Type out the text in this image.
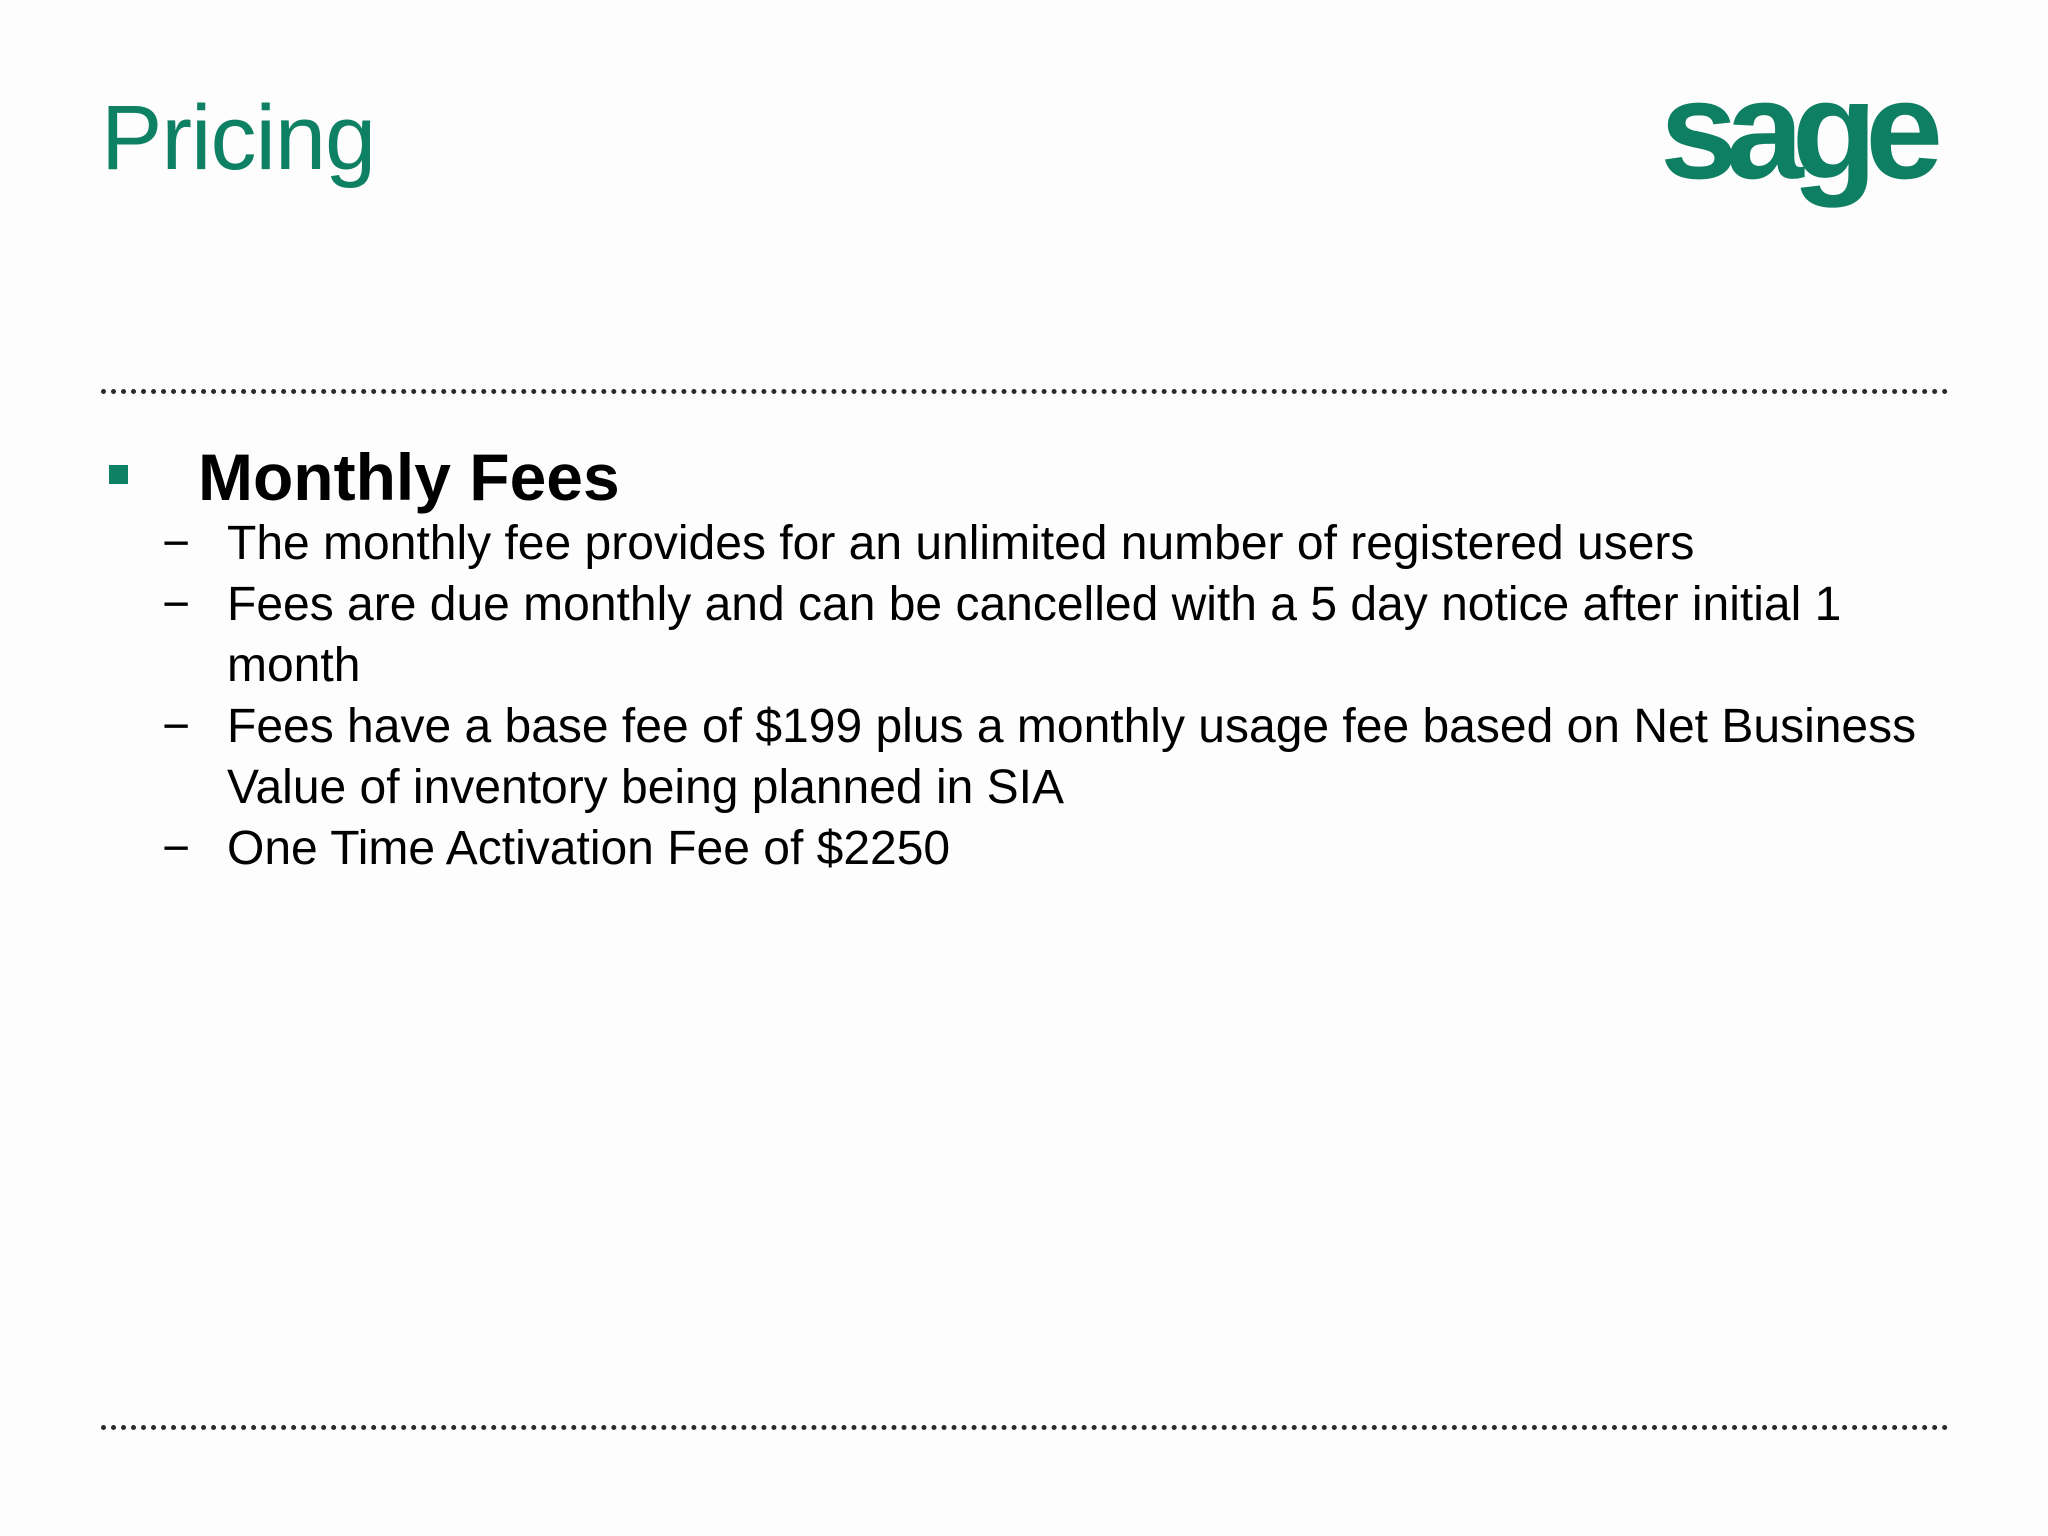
Pricing	sage
Monthly Fees
− The monthly fee provides for an unlimited number of registered users
− Fees are due monthly and can be cancelled with a 5 day notice after initial 1 month
− Fees have a base fee of $199 plus a monthly usage fee based on Net Business Value of inventory being planned in SIA
− One Time Activation Fee of $2250
